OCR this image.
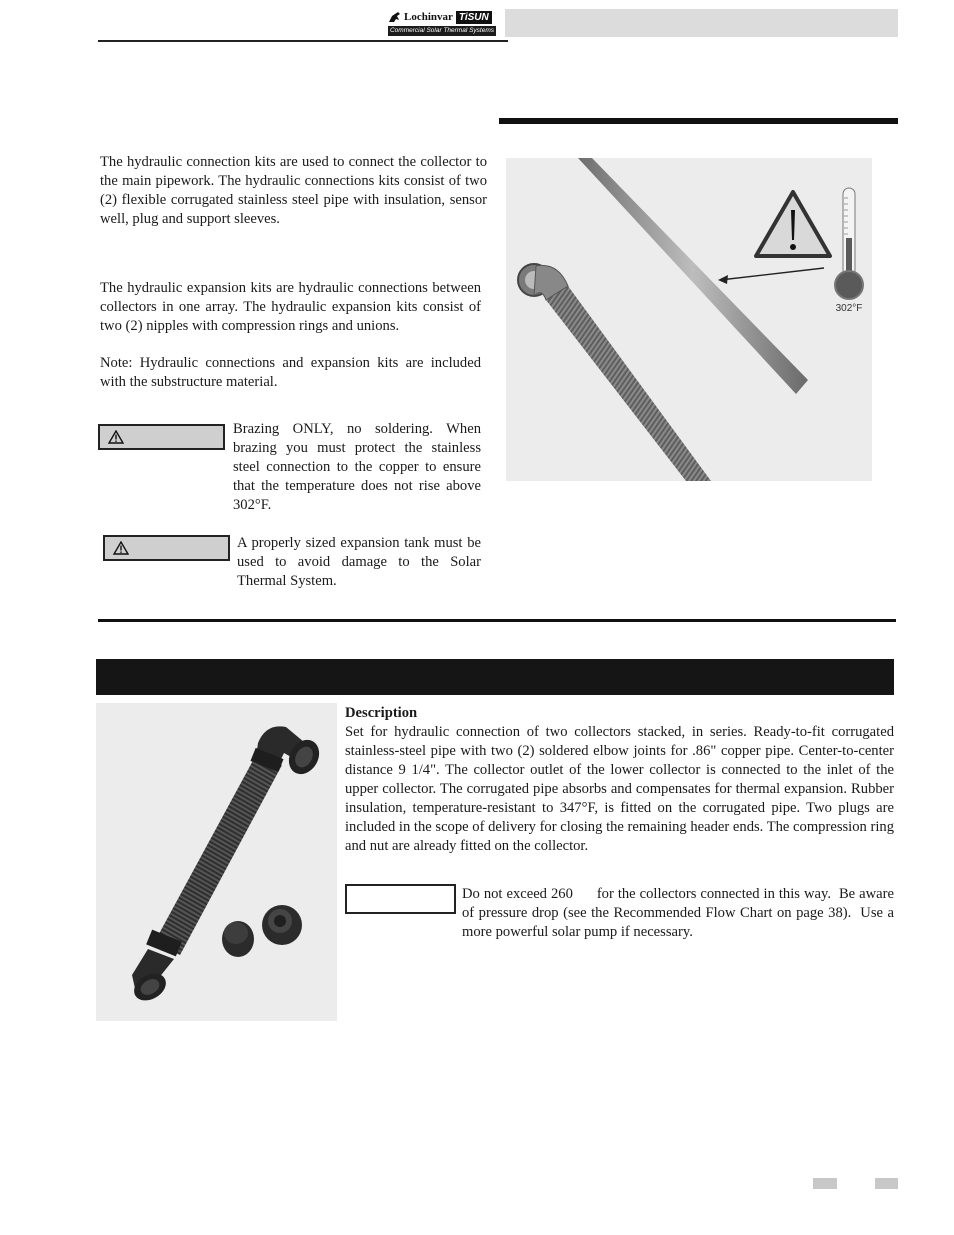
Lochinvar TiSUN
Commercial Solar Thermal Systems
The hydraulic connection kits are used to connect the collector to the main pipework. The hydraulic connections kits consist of two (2) flexible corrugated stainless steel pipe with insulation, sensor well, plug and support sleeves.
The hydraulic expansion kits are hydraulic connections between collectors in one array. The hydraulic expansion kits consist of two (2) nipples with compression rings and unions.
Note: Hydraulic connections and expansion kits are included with the substructure material.
Brazing ONLY, no soldering. When brazing you must protect the stainless steel connection to the copper to ensure that the temperature does not rise above 302°F.
A properly sized expansion tank must be used to avoid damage to the Solar Thermal System.
302°F
Description
Set for hydraulic connection of two collectors stacked, in series. Ready-to-fit corrugated stainless-steel pipe with two (2) soldered elbow joints for .86" copper pipe. Center-to-center distance 9 1/4". The collector outlet of the lower collector is connected to the inlet of the upper collector. The corrugated pipe absorbs and compensates for thermal expansion. Rubber insulation, temperature-resistant to 347°F, is fitted on the corrugated pipe. Two plugs are included in the scope of delivery for closing the remaining header ends. The compression ring and nut are already fitted on the collector.
Do not exceed 260      for the collectors connected in this way.  Be aware of pressure drop (see the Recommended Flow Chart on page 38).  Use a more powerful solar pump if necessary.
